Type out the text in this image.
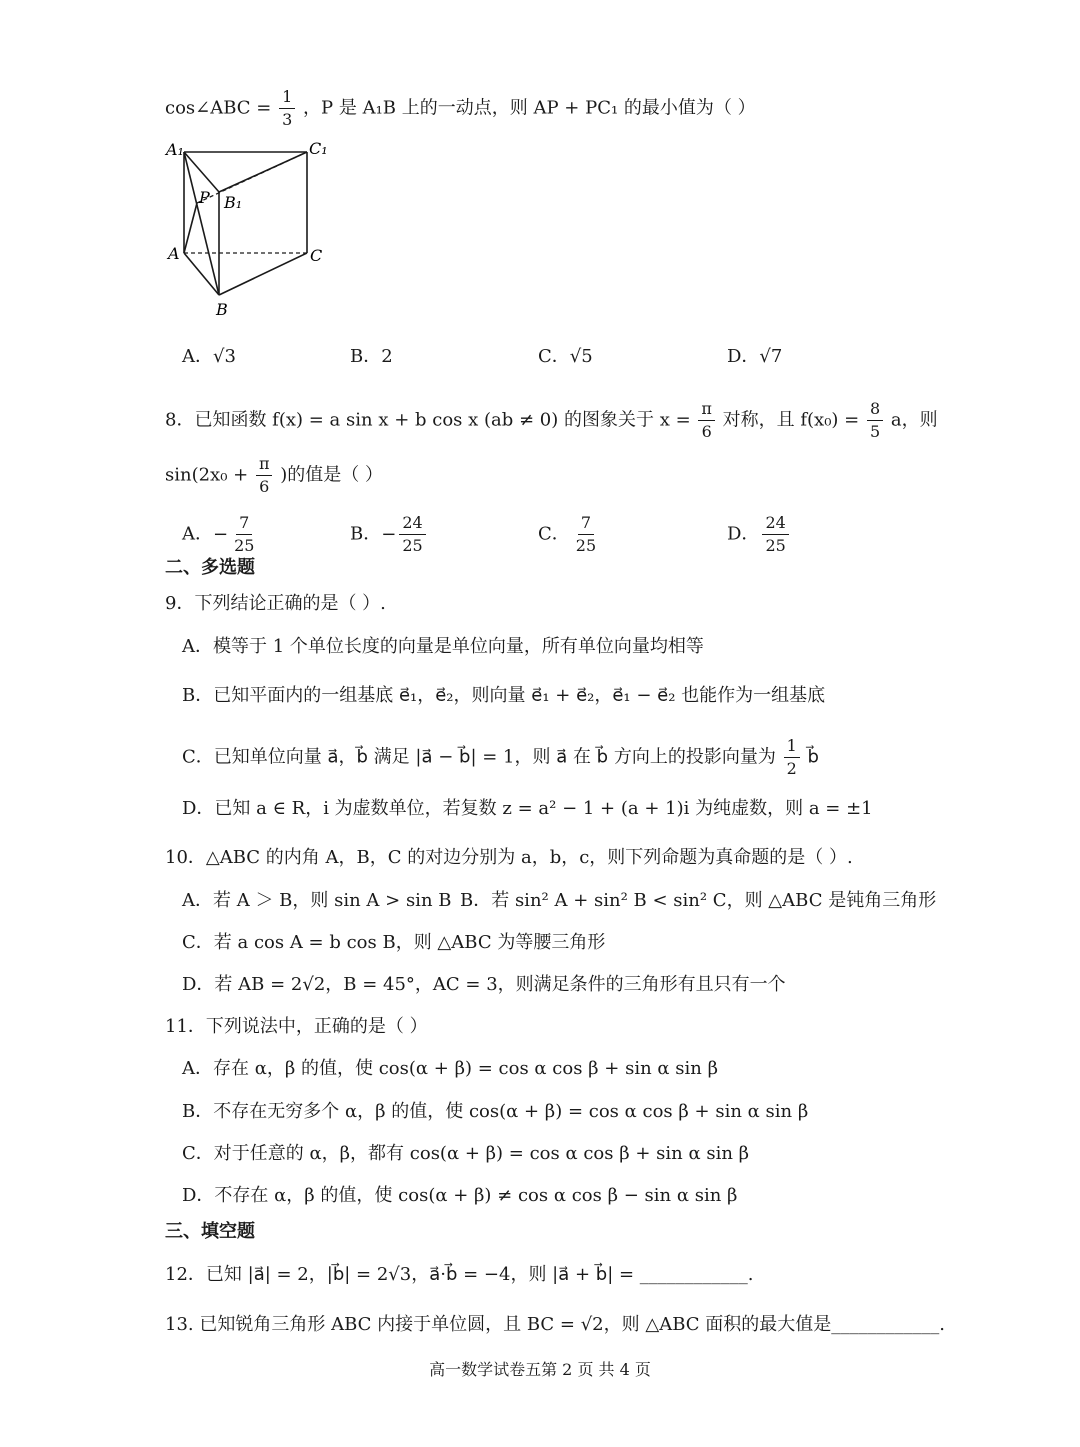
cos∠ABC = $\frac{1}{3}$ ，P 是 A₁B 上的一动点，则 AP + PC₁ 的最小值为（ ）
A₁	C₁
P B₁
A	C
B
A．√3	B．2	C．√5	D．√7
8．已知函数 f(x) = a sin x + b cos x (ab ≠ 0) 的图象关于 $x = \frac{\pi}{6}$ 对称，且 $f(x_0) = \frac{8}{5}$ a，则
$\sin(2x_0 + \frac{\pi}{6}$ )的值是（ ）
A．− $\frac{7}{25}$	B．− $\frac{24}{25}$	C． $\frac{7}{25}$	D． $\frac{24}{25}$
二、多选题
9．下列结论正确的是（ ）.
A．模等于 1 个单位长度的向量是单位向量，所有单位向量均相等
B．已知平面内的一组基底 e⃗₁，e⃗₂，则向量 e⃗₁ + e⃗₂，e⃗₁ − e⃗₂ 也能作为一组基底
C．已知单位向量 a⃗，b⃗ 满足 |a⃗ − b⃗| = 1，则 a⃗ 在 b⃗ 方向上的投影向量为 $\frac{1}{2}$ b⃗
D．已知 a ∈ R，i 为虚数单位，若复数 z = a² − 1 + (a + 1)i 为纯虚数，则 a = ±1
10．△ABC 的内角 A，B，C 的对边分别为 a，b，c，则下列命题为真命题的是（ ）.
A．若 A ＞ B，则 sin A > sin B B．若 sin² A + sin² B < sin² C，则 △ABC 是钝角三角形
C．若 a cos A = b cos B，则 △ABC 为等腰三角形
D．若 AB = 2√2，B = 45°，AC = 3，则满足条件的三角形有且只有一个
11．下列说法中，正确的是（ ）
A．存在 α，β 的值，使 cos(α + β) = cos α cos β + sin α sin β
B．不存在无穷多个 α，β 的值，使 cos(α + β) = cos α cos β + sin α sin β
C．对于任意的 α，β，都有 cos(α + β) = cos α cos β + sin α sin β
D．不存在 α，β 的值，使 cos(α + β) ≠ cos α cos β − sin α sin β
三、填空题
12．已知 |a⃗| = 2，|b⃗| = 2√3，a⃗·b⃗ = −4，则 |a⃗ + b⃗| = ____________.
13. 已知锐角三角形 ABC 内接于单位圆，且 BC = √2，则 △ABC 面积的最大值是____________.
高一数学试卷五第 2 页 共 4 页
